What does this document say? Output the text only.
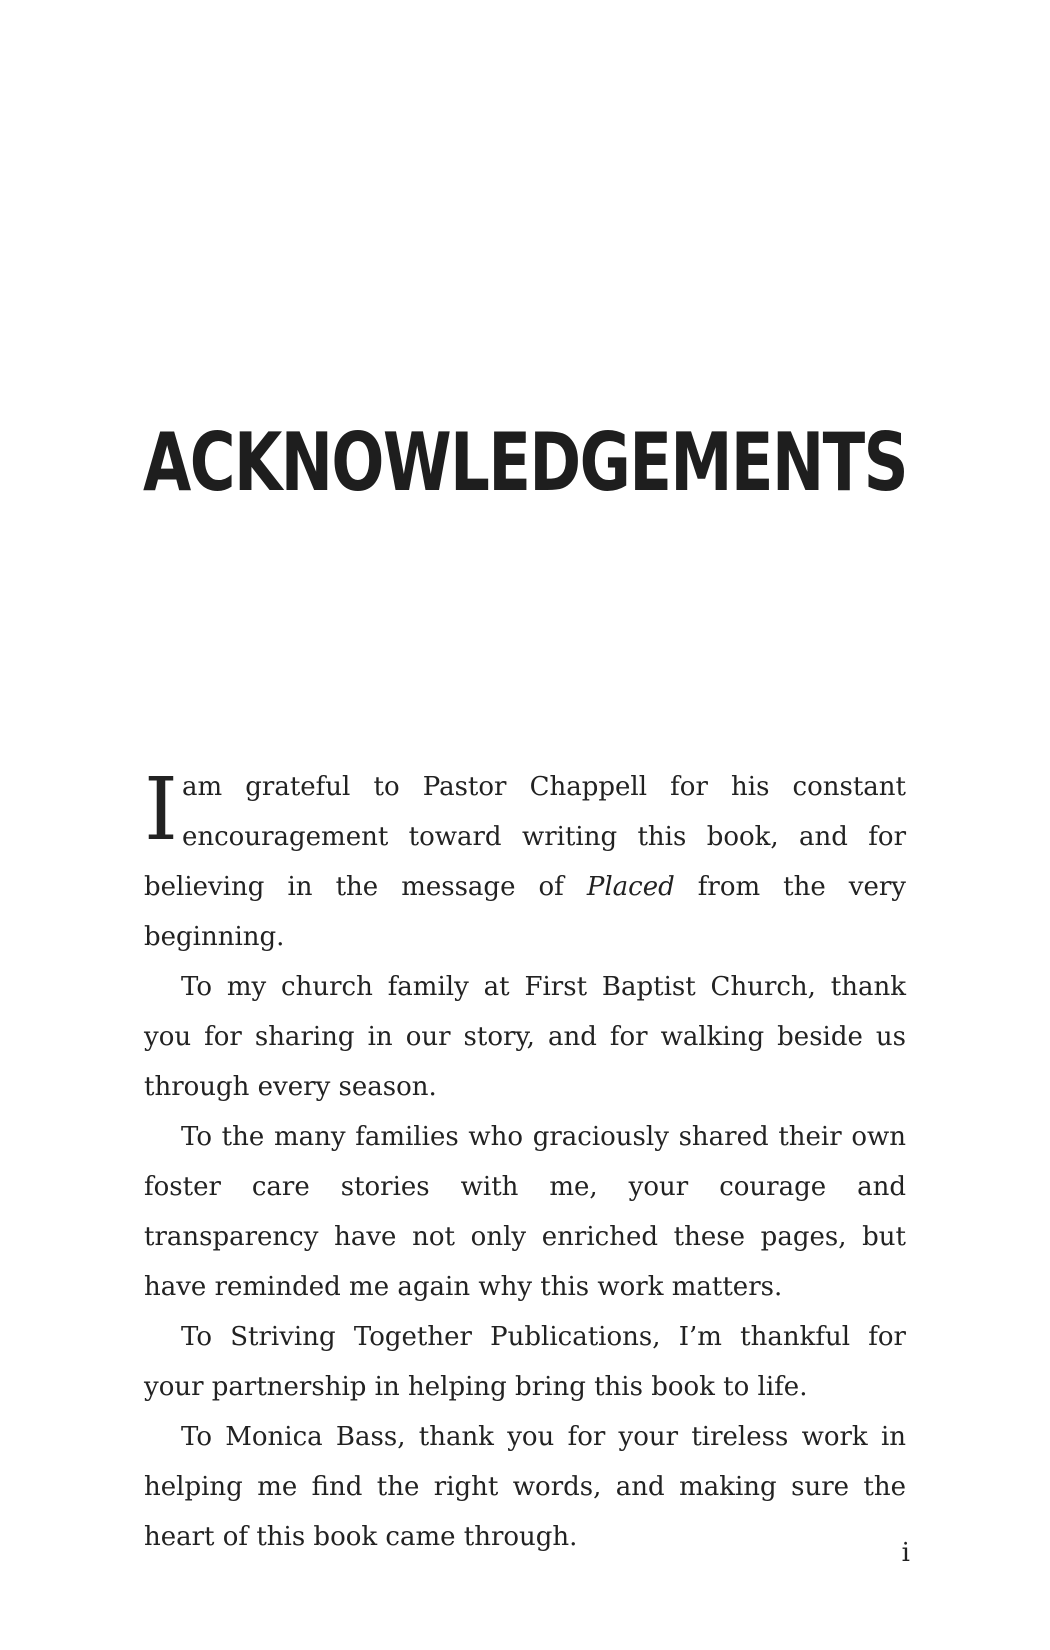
ACKNOWLEDGEMENTS

Iam grateful to Pastor Chappell for his constant encouragement toward writing this book, and for believing in the message of Placed from the very beginning.

To my church family at First Baptist Church, thank you for sharing in our story, and for walking beside us through every season.

To the many families who graciously shared their own foster care stories with me, your courage and transparency have not only enriched these pages, but have reminded me again why this work matters.

To Striving Together Publications, I’m thankful for your partnership in helping bring this book to life.

To Monica Bass, thank you for your tireless work in helping me find the right words, and making sure the heart of this book came through.

i
